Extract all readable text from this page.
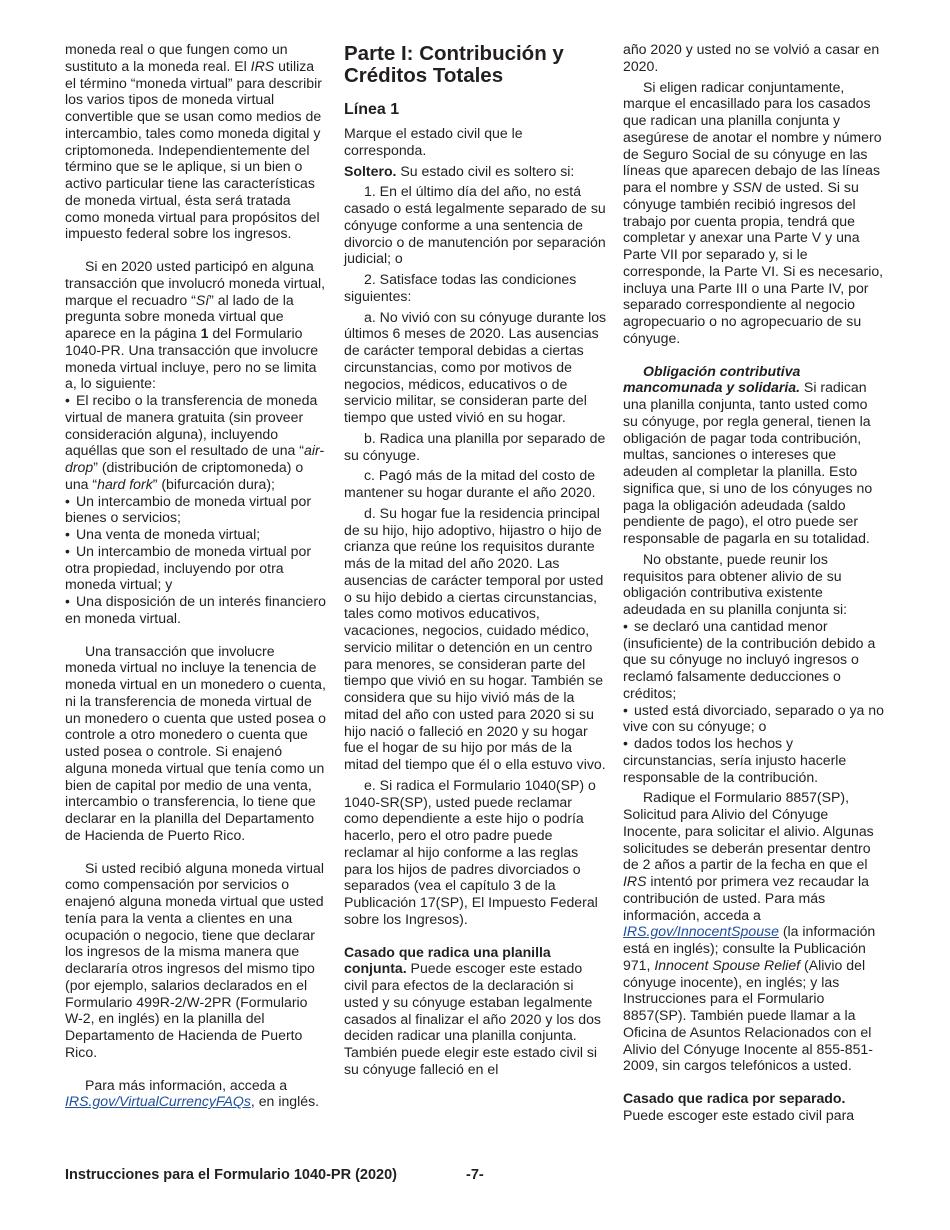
moneda real o que fungen como un sustituto a la moneda real. El IRS utiliza el término “moneda virtual” para describir los varios tipos de moneda virtual convertible que se usan como medios de intercambio, tales como moneda digital y criptomoneda. Independientemente del término que se le aplique, si un bien o activo particular tiene las características de moneda virtual, ésta será tratada como moneda virtual para propósitos del impuesto federal sobre los ingresos.

Si en 2020 usted participó en alguna transacción que involucró moneda virtual, marque el recuadro “Sí” al lado de la pregunta sobre moneda virtual que aparece en la página 1 del Formulario 1040-PR. Una transacción que involucre moneda virtual incluye, pero no se limita a, lo siguiente:

• El recibo o la transferencia de moneda virtual de manera gratuita (sin proveer consideración alguna), incluyendo aquéllas que son el resultado de una “air-drop” (distribución de criptomoneda) o una “hard fork” (bifurcación dura);

• Un intercambio de moneda virtual por bienes o servicios;

• Una venta de moneda virtual;

• Un intercambio de moneda virtual por otra propiedad, incluyendo por otra moneda virtual; y

• Una disposición de un interés financiero en moneda virtual.

Una transacción que involucre moneda virtual no incluye la tenencia de moneda virtual en un monedero o cuenta, ni la transferencia de moneda virtual de un monedero o cuenta que usted posea o controle a otro monedero o cuenta que usted posea o controle. Si enajenó alguna moneda virtual que tenía como un bien de capital por medio de una venta, intercambio o transferencia, lo tiene que declarar en la planilla del Departamento de Hacienda de Puerto Rico.

Si usted recibió alguna moneda virtual como compensación por servicios o enajenó alguna moneda virtual que usted tenía para la venta a clientes en una ocupación o negocio, tiene que declarar los ingresos de la misma manera que declararía otros ingresos del mismo tipo (por ejemplo, salarios declarados en el Formulario 499R-2/W-2PR (Formulario W-2, en inglés) en la planilla del Departamento de Hacienda de Puerto Rico.

Para más información, acceda a IRS.gov/VirtualCurrencyFAQs, en inglés.

Parte I: Contribución y Créditos Totales
Línea 1

Marque el estado civil que le corresponda.

Soltero. Su estado civil es soltero si:

1. En el último día del año, no está casado o está legalmente separado de su cónyuge conforme a una sentencia de divorcio o de manutención por separación judicial; o

2. Satisface todas las condiciones siguientes:

a. No vivió con su cónyuge durante los últimos 6 meses de 2020. Las ausencias de carácter temporal debidas a ciertas circunstancias, como por motivos de negocios, médicos, educativos o de servicio militar, se consideran parte del tiempo que usted vivió en su hogar.

b. Radica una planilla por separado de su cónyuge.

c. Pagó más de la mitad del costo de mantener su hogar durante el año 2020.

d. Su hogar fue la residencia principal de su hijo, hijo adoptivo, hijastro o hijo de crianza que reúne los requisitos durante más de la mitad del año 2020. Las ausencias de carácter temporal por usted o su hijo debido a ciertas circunstancias, tales como motivos educativos, vacaciones, negocios, cuidado médico, servicio militar o detención en un centro para menores, se consideran parte del tiempo que vivió en su hogar. También se considera que su hijo vivió más de la mitad del año con usted para 2020 si su hijo nació o falleció en 2020 y su hogar fue el hogar de su hijo por más de la mitad del tiempo que él o ella estuvo vivo.

e. Si radica el Formulario 1040(SP) o 1040-SR(SP), usted puede reclamar como dependiente a este hijo o podría hacerlo, pero el otro padre puede reclamar al hijo conforme a las reglas para los hijos de padres divorciados o separados (vea el capítulo 3 de la Publicación 17(SP), El Impuesto Federal sobre los Ingresos).

Casado que radica una planilla conjunta. Puede escoger este estado civil para efectos de la declaración si usted y su cónyuge estaban legalmente casados al finalizar el año 2020 y los dos deciden radicar una planilla conjunta. También puede elegir este estado civil si su cónyuge falleció en el

año 2020 y usted no se volvió a casar en 2020.

Si eligen radicar conjuntamente, marque el encasillado para los casados que radican una planilla conjunta y asegúrese de anotar el nombre y número de Seguro Social de su cónyuge en las líneas que aparecen debajo de las líneas para el nombre y SSN de usted. Si su cónyuge también recibió ingresos del trabajo por cuenta propia, tendrá que completar y anexar una Parte V y una Parte VII por separado y, si le corresponde, la Parte VI. Si es necesario, incluya una Parte III o una Parte IV, por separado correspondiente al negocio agropecuario o no agropecuario de su cónyuge.

Obligación contributiva mancomunada y solidaria. Si radican una planilla conjunta, tanto usted como su cónyuge, por regla general, tienen la obligación de pagar toda contribución, multas, sanciones o intereses que adeuden al completar la planilla. Esto significa que, si uno de los cónyuges no paga la obligación adeudada (saldo pendiente de pago), el otro puede ser responsable de pagarla en su totalidad.

No obstante, puede reunir los requisitos para obtener alivio de su obligación contributiva existente adeudada en su planilla conjunta si:

• se declaró una cantidad menor (insuficiente) de la contribución debido a que su cónyuge no incluyó ingresos o reclamó falsamente deducciones o créditos;

• usted está divorciado, separado o ya no vive con su cónyuge; o

• dados todos los hechos y circunstancias, sería injusto hacerle responsable de la contribución.

Radique el Formulario 8857(SP), Solicitud para Alivio del Cónyuge Inocente, para solicitar el alivio. Algunas solicitudes se deberán presentar dentro de 2 años a partir de la fecha en que el IRS intentó por primera vez recaudar la contribución de usted. Para más información, acceda a IRS.gov/InnocentSpouse (la información está en inglés); consulte la Publicación 971, Innocent Spouse Relief (Alivio del cónyuge inocente), en inglés; y las Instrucciones para el Formulario 8857(SP). También puede llamar a la Oficina de Asuntos Relacionados con el Alivio del Cónyuge Inocente al 855-851-2009, sin cargos telefónicos a usted.

Casado que radica por separado.
Puede escoger este estado civil para

Instrucciones para el Formulario 1040-PR (2020)	-7-
